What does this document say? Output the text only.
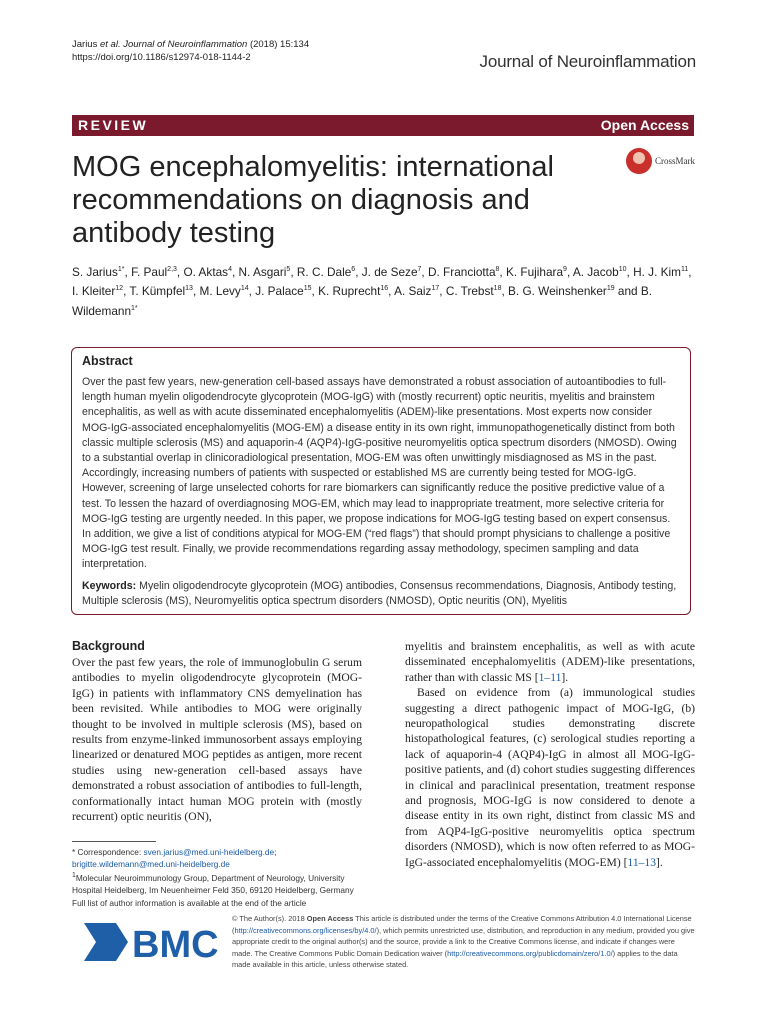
Jarius et al. Journal of Neuroinflammation (2018) 15:134
https://doi.org/10.1186/s12974-018-1144-2	Journal of Neuroinflammation
REVIEW	Open Access
MOG encephalomyelitis: international recommendations on diagnosis and antibody testing
CrossMark
S. Jarius$^{1*}$, F. Paul$^{2,3}$, O. Aktas$^4$, N. Asgari$^5$, R. C. Dale$^6$, J. de Seze$^7$, D. Franciotta$^8$, K. Fujihara$^9$, A. Jacob$^{10}$, H. J. Kim$^{11}$, I. Kleiter$^{12}$, T. Kümpfel$^{13}$, M. Levy$^{14}$, J. Palace$^{15}$, K. Ruprecht$^{16}$, A. Saiz$^{17}$, C. Trebst$^{18}$, B. G. Weinshenker$^{19}$ and B. Wildemann$^{1*}$
Abstract

Over the past few years, new-generation cell-based assays have demonstrated a robust association of autoantibodies to full-length human myelin oligodendrocyte glycoprotein (MOG-IgG) with (mostly recurrent) optic neuritis, myelitis and brainstem encephalitis, as well as with acute disseminated encephalomyelitis (ADEM)-like presentations. Most experts now consider MOG-IgG-associated encephalomyelitis (MOG-EM) a disease entity in its own right, immunopathogenetically distinct from both classic multiple sclerosis (MS) and aquaporin-4 (AQP4)-IgG-positive neuromyelitis optica spectrum disorders (NMOSD). Owing to a substantial overlap in clinicoradiological presentation, MOG-EM was often unwittingly misdiagnosed as MS in the past. Accordingly, increasing numbers of patients with suspected or established MS are currently being tested for MOG-IgG. However, screening of large unselected cohorts for rare biomarkers can significantly reduce the positive predictive value of a test. To lessen the hazard of overdiagnosing MOG-EM, which may lead to inappropriate treatment, more selective criteria for MOG-IgG testing are urgently needed. In this paper, we propose indications for MOG-IgG testing based on expert consensus. In addition, we give a list of conditions atypical for MOG-EM (“red flags”) that should prompt physicians to challenge a positive MOG-IgG test result. Finally, we provide recommendations regarding assay methodology, specimen sampling and data interpretation.

Keywords: Myelin oligodendrocyte glycoprotein (MOG) antibodies, Consensus recommendations, Diagnosis, Antibody testing, Multiple sclerosis (MS), Neuromyelitis optica spectrum disorders (NMOSD), Optic neuritis (ON), Myelitis

Background

Over the past few years, the role of immunoglobulin G serum antibodies to myelin oligodendrocyte glycoprotein (MOG-IgG) in patients with inflammatory CNS demyelination has been revisited. While antibodies to MOG were originally thought to be involved in multiple sclerosis (MS), based on results from enzyme-linked immunosorbent assays employing linearized or denatured MOG peptides as antigen, more recent studies using new-generation cell-based assays have demonstrated a robust association of antibodies to full-length, conformationally intact human MOG protein with (mostly recurrent) optic neuritis (ON),

myelitis and brainstem encephalitis, as well as with acute disseminated encephalomyelitis (ADEM)-like presentations, rather than with classic MS [1–11].

Based on evidence from (a) immunological studies suggesting a direct pathogenic impact of MOG-IgG, (b) neuropathological studies demonstrating discrete histopathological features, (c) serological studies reporting a lack of aquaporin-4 (AQP4)-IgG in almost all MOG-IgG-positive patients, and (d) cohort studies suggesting differences in clinical and paraclinical presentation, treatment response and prognosis, MOG-IgG is now considered to denote a disease entity in its own right, distinct from classic MS and from AQP4-IgG-positive neuromyelitis optica spectrum disorders (NMOSD), which is now often referred to as MOG-IgG-associated encephalomyelitis (MOG-EM) [11–13].

* Correspondence: sven.jarius@med.uni-heidelberg.de;
brigitte.wildemann@med.uni-heidelberg.de
$^1$Molecular Neuroimmunology Group, Department of Neurology, University Hospital Heidelberg, Im Neuenheimer Feld 350, 69120 Heidelberg, Germany
Full list of author information is available at the end of the article
BMC
© The Author(s). 2018 Open Access This article is distributed under the terms of the Creative Commons Attribution 4.0 International License (http://creativecommons.org/licenses/by/4.0/), which permits unrestricted use, distribution, and reproduction in any medium, provided you give appropriate credit to the original author(s) and the source, provide a link to the Creative Commons license, and indicate if changes were made. The Creative Commons Public Domain Dedication waiver (http://creativecommons.org/publicdomain/zero/1.0/) applies to the data made available in this article, unless otherwise stated.
